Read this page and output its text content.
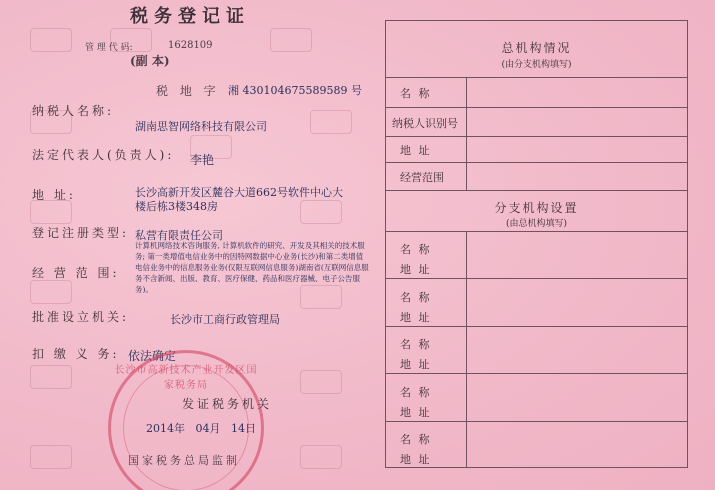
税务登记证
管 理 代 码:	1628109
(副 本)
税 地 字 湘 430104675589589 号
纳税人名称:
湖南思智网络科技有限公司
法定代表人(负责人): 李艳
地 址:	长沙高新开发区麓谷大道662号软件中心大楼后栋3楼348房
登记注册类型: 私营有限责任公司
经 营 范 围:
计算机网络技术咨询服务, 计算机软件的研究、开发及其相关的技术服务; 第一类增值电信业务中的因特网数据中心业务(长沙)和第二类增值电信业务中的信息服务业务(仅限互联网信息服务)湖南省(互联网信息服务不含新闻、出版、教育、医疗保健、药品和医疗器械、电子公告服务)。
批准设立机关:	长沙市工商行政管理局
扣 缴 义 务: 依法确定
长沙市高新技术产业开发区国家税务局
发证税务机关
2014年 04月 14日
国家税务总局监制
总机构情况
(由分支机构填写)
名 称
纳税人识别号
地 址
经营范围
分支机构设置
(由总机构填写)
名 称
地 址
名 称
地 址
名 称
地 址
名 称
地 址
名 称
地 址
